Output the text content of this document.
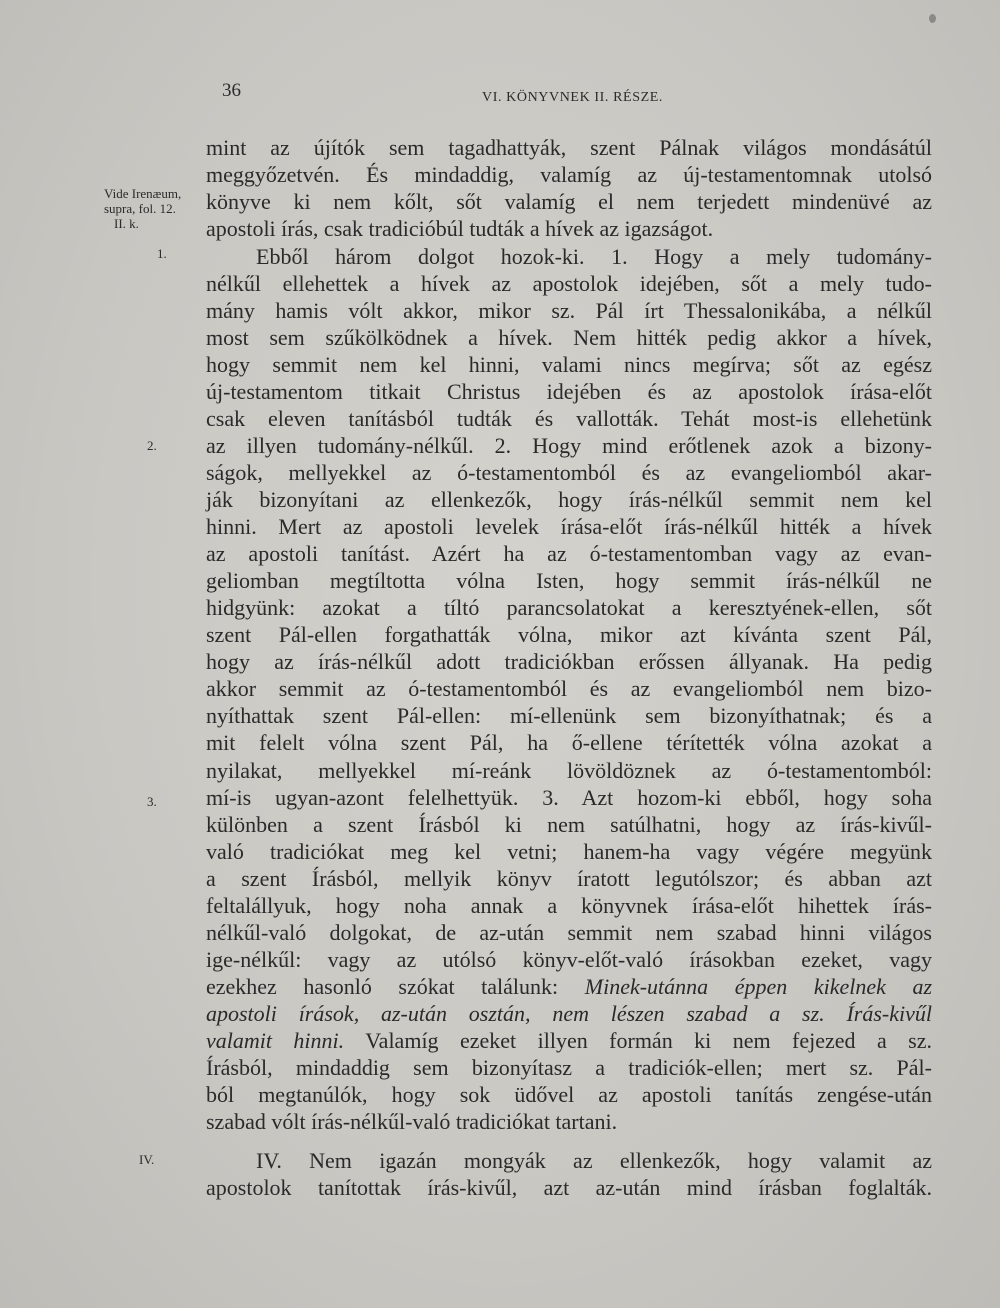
36	VI. KÖNYVNEK II. RÉSZE.
Vide Irenæum,
supra, fol. 12.
II. k.
1.
2.
3.
IV.
mint az újítók sem tagadhattyák, szent Pálnak világos mondásátúl
meggyőzetvén. És mindaddig, valamíg az új-testamentomnak utolsó
könyve ki nem kőlt, sőt valamíg el nem terjedett mindenüvé az
apostoli írás, csak tradicióbúl tudták a hívek az igazságot.
Ebből három dolgot hozok-ki. 1. Hogy a mely tudomány-
nélkűl ellehettek a hívek az apostolok idejében, sőt a mely tudo-
mány hamis vólt akkor, mikor sz. Pál írt Thessalonikába, a nélkűl
most sem szűkölködnek a hívek. Nem hitték pedig akkor a hívek,
hogy semmit nem kel hinni, valami nincs megírva; sőt az egész
új-testamentom titkait Christus idejében és az apostolok írása-előt
csak eleven tanításból tudták és vallották. Tehát most-is ellehetünk
az illyen tudomány-nélkűl. 2. Hogy mind erőtlenek azok a bizony-
ságok, mellyekkel az ó-testamentomból és az evangeliomból akar-
ják bizonyítani az ellenkezők, hogy írás-nélkűl semmit nem kel
hinni. Mert az apostoli levelek írása-előt írás-nélkűl hitték a hívek
az apostoli tanítást. Azért ha az ó-testamentomban vagy az evan-
geliomban megtíltotta vólna Isten, hogy semmit írás-nélkűl ne
hidgyünk: azokat a tíltó parancsolatokat a keresztyének-ellen, sőt
szent Pál-ellen forgathatták vólna, mikor azt kívánta szent Pál,
hogy az írás-nélkűl adott tradiciókban erőssen állyanak. Ha pedig
akkor semmit az ó-testamentomból és az evangeliomból nem bizo-
nyíthattak szent Pál-ellen: mí-ellenünk sem bizonyíthatnak; és a
mit felelt vólna szent Pál, ha ő-ellene térítették vólna azokat a
nyilakat, mellyekkel mí-reánk lövöldöznek az ó-testamentomból:
mí-is ugyan-azont felelhettyük. 3. Azt hozom-ki ebből, hogy soha
különben a szent Írásból ki nem satúlhatni, hogy az írás-kivűl-
való tradiciókat meg kel vetni; hanem-ha vagy végére megyünk
a szent Írásból, mellyik könyv íratott legutólszor; és abban azt
feltalállyuk, hogy noha annak a könyvnek írása-előt hihettek írás-
nélkűl-való dolgokat, de az-után semmit nem szabad hinni világos
ige-nélkűl: vagy az utólsó könyv-előt-való írásokban ezeket, vagy
ezekhez hasonló szókat találunk: Minek-utánna éppen kikelnek az
apostoli írások, az-után osztán, nem lészen szabad a sz. Írás-kivűl
valamit hinni. Valamíg ezeket illyen formán ki nem fejezed a sz.
Írásból, mindaddig sem bizonyítasz a tradiciók-ellen; mert sz. Pál-
ból megtanúlók, hogy sok üdővel az apostoli tanítás zengése-után
szabad vólt írás-nélkűl-való tradiciókat tartani.
IV. Nem igazán mongyák az ellenkezők, hogy valamit az
apostolok tanítottak írás-kivűl, azt az-után mind írásban foglalták.
